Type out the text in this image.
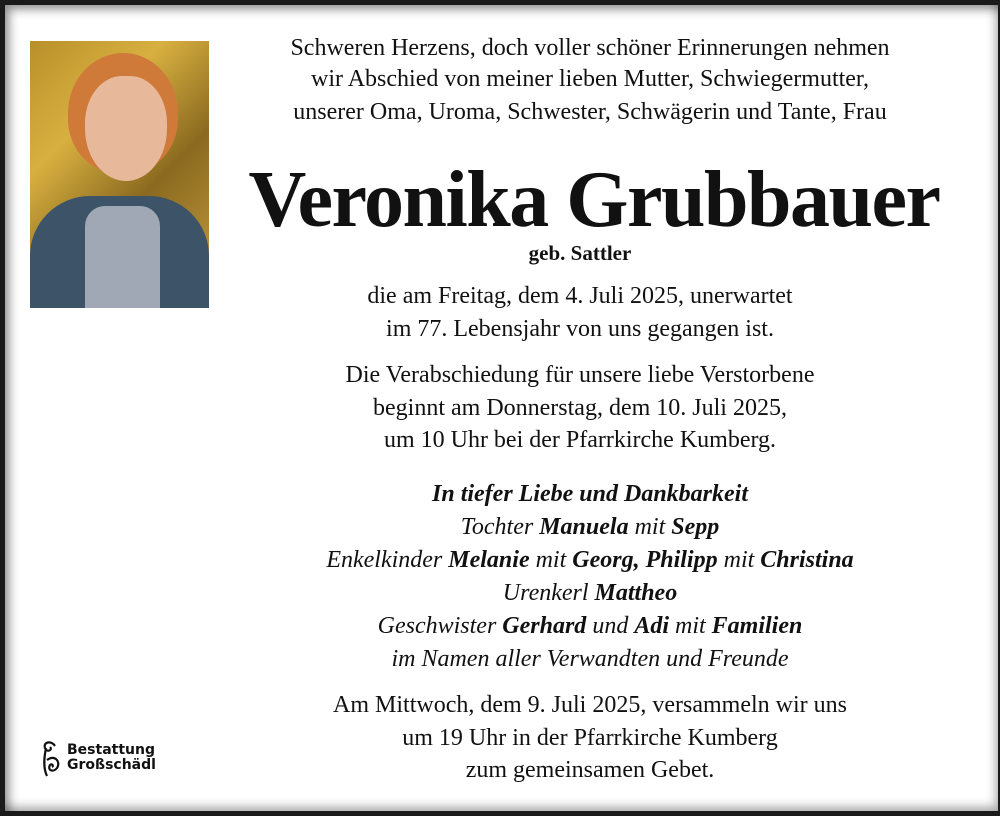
Schweren Herzens, doch voller schöner Erinnerungen nehmen
wir Abschied von meiner lieben Mutter, Schwiegermutter,
unserer Oma, Uroma, Schwester, Schwägerin und Tante, Frau
Veronika Grubbauer
geb. Sattler
die am Freitag, dem 4. Juli 2025, unerwartet
im 77. Lebensjahr von uns gegangen ist.
Die Verabschiedung für unsere liebe Verstorbene
beginnt am Donnerstag, dem 10. Juli 2025,
um 10 Uhr bei der Pfarrkirche Kumberg.
In tiefer Liebe und Dankbarkeit
Tochter Manuela mit Sepp
Enkelkinder Melanie mit Georg, Philipp mit Christina
Urenkerl Mattheo
Geschwister Gerhard und Adi mit Familien
im Namen aller Verwandten und Freunde
Am Mittwoch, dem 9. Juli 2025, versammeln wir uns
um 19 Uhr in der Pfarrkirche Kumberg
zum gemeinsamen Gebet.
Bestattung
Großschädl
